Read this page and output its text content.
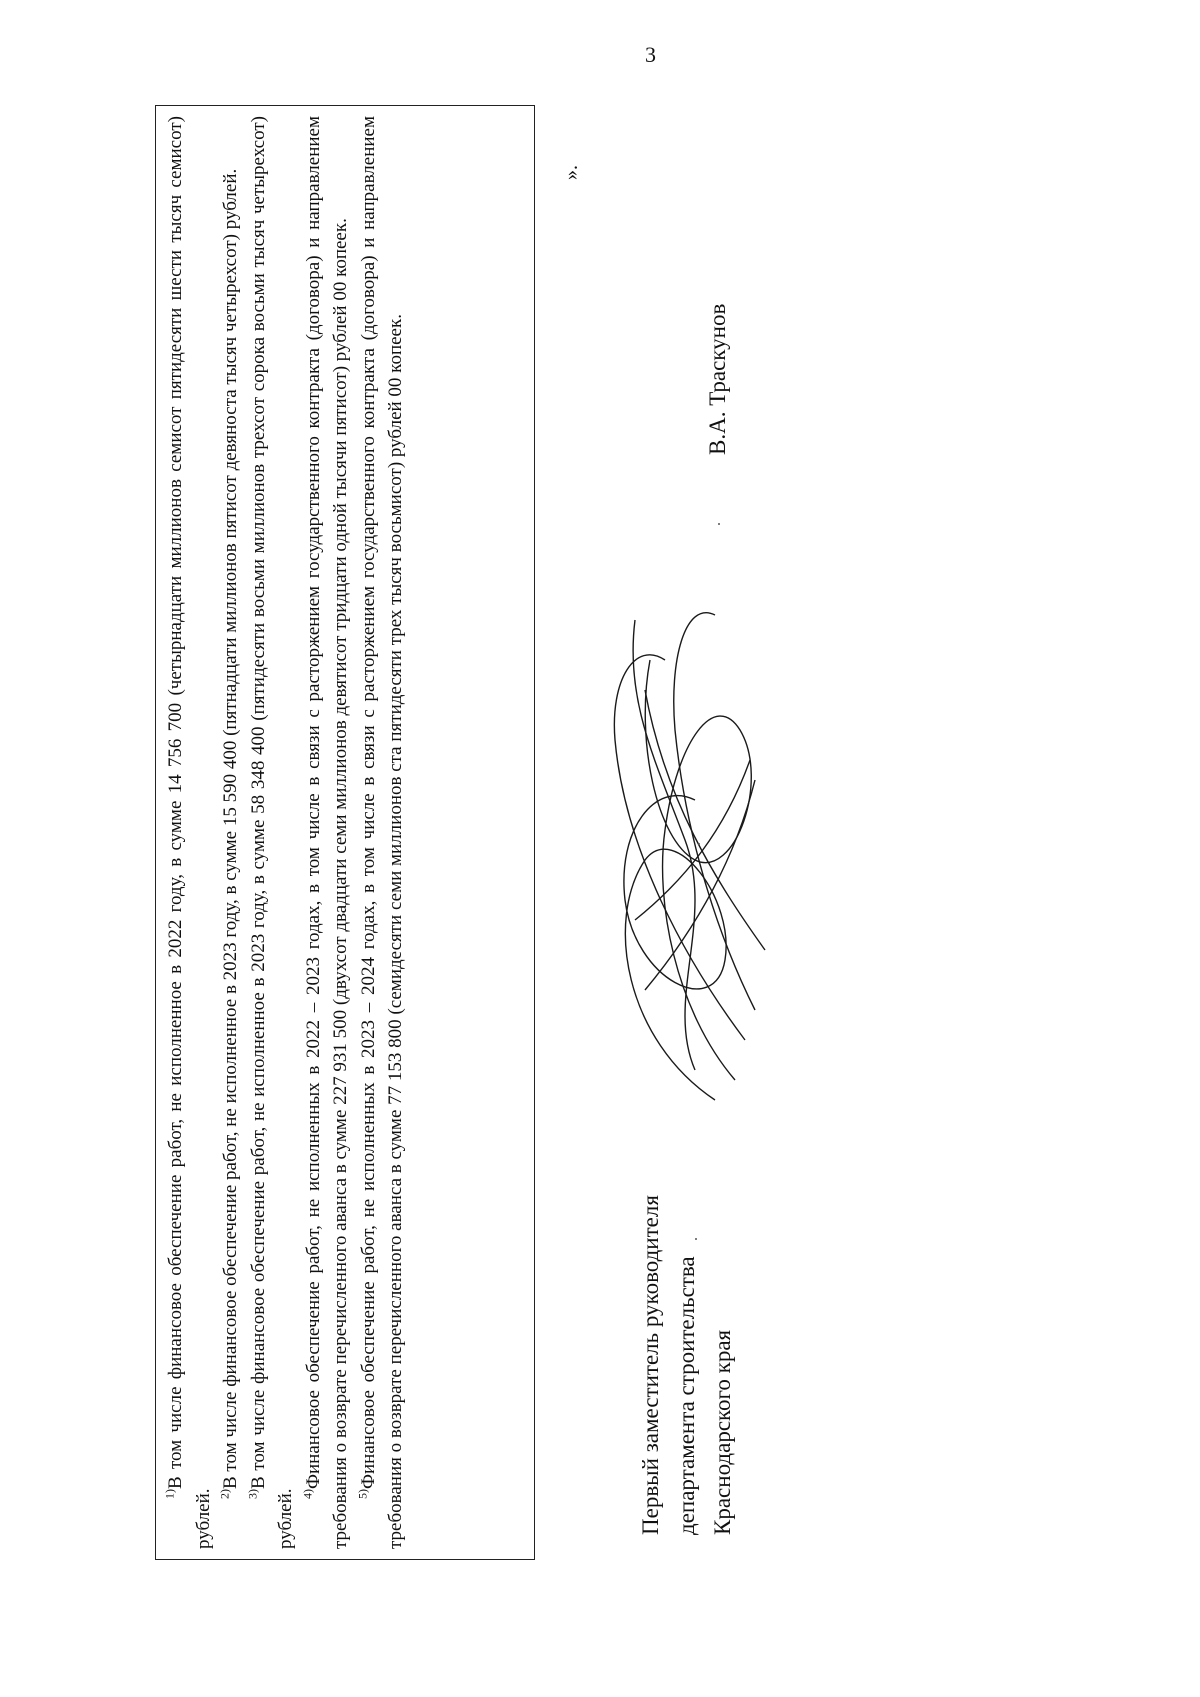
3

$^{1)}$В том числе финансовое обеспечение работ, не исполненное в 2022 году, в сумме 14 756 700 (четырнадцати миллионов семисот пятидесяти шести тысяч семисот) рублей. $^{2)}$В том числе финансовое обеспечение работ, не исполненное в 2023 году, в сумме 15 590 400 (пятнадцати миллионов пятисот девяноста тысяч четырехсот) рублей.

$^{3)}$В том числе финансовое обеспечение работ, не исполненное в 2023 году, в сумме 58 348 400 (пятидесяти восьми миллионов трехсот сорока восьми тысяч четырехсот) рублей. $^{4)}$Финансовое обеспечение работ, не исполненных в 2022 – 2023 годах, в том числе в связи с расторжением государственного контракта (договора) и направлением требования о возврате перечисленного аванса в сумме 227 931 500 (двухсот двадцати семи миллионов девятисот тридцати одной тысячи пятисот) рублей 00 копеек. $^{5)}$Финансовое обеспечение работ, не исполненных в 2023 – 2024 годах, в том числе в связи с расторжением государственного контракта (договора) и направлением требования о возврате перечисленного аванса в сумме 77 153 800 (семидесяти семи миллионов ста пятидесяти трех тысяч восьмисот) рублей 00 копеек.

».
Первый заместитель руководителя департамента строительства Краснодарского края
В.А. Траскунов
